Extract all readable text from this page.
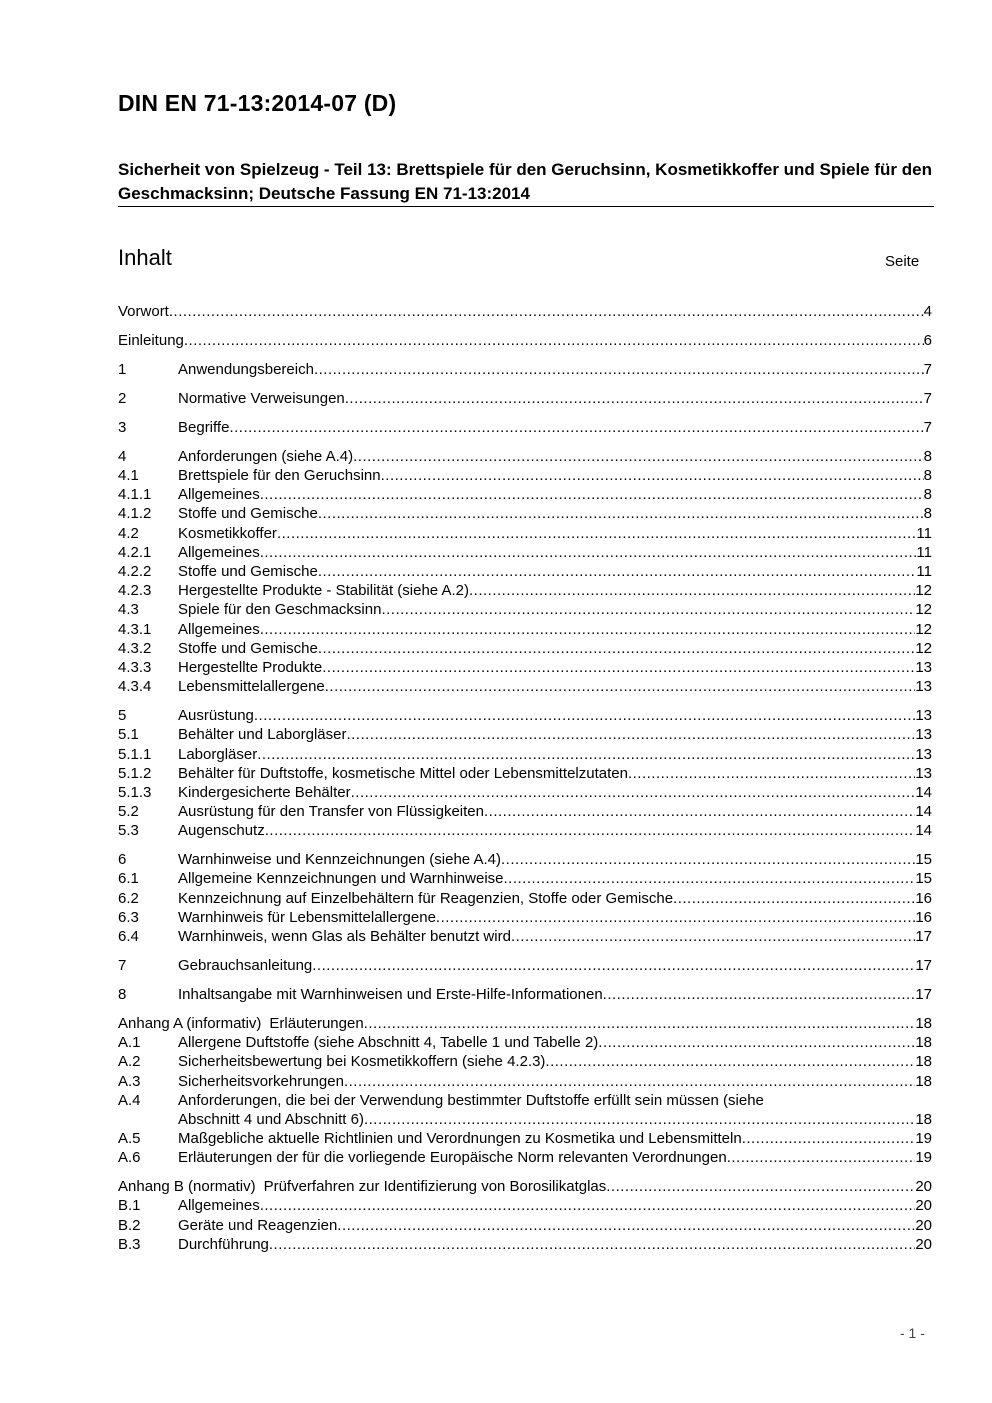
DIN EN 71-13:2014-07 (D)
Sicherheit von Spielzeug - Teil 13: Brettspiele für den Geruchsinn, Kosmetikkoffer und Spiele für den Geschmacksinn; Deutsche Fassung EN 71-13:2014
Inhalt	Seite
Vorwort .....	4
Einleitung .....	6
1	Anwendungsbereich .....	7
2	Normative Verweisungen .....	7
3	Begriffe .....	7
4	Anforderungen (siehe A.4) .....	8
4.1	Brettspiele für den Geruchsinn .....	8
4.1.1	Allgemeines .....	8
4.1.2	Stoffe und Gemische .....	8
4.2	Kosmetikkoffer .....	11
4.2.1	Allgemeines .....	11
4.2.2	Stoffe und Gemische .....	11
4.2.3	Hergestellte Produkte - Stabilität (siehe A.2) .....	12
4.3	Spiele für den Geschmacksinn .....	12
4.3.1	Allgemeines .....	12
4.3.2	Stoffe und Gemische .....	12
4.3.3	Hergestellte Produkte .....	13
4.3.4	Lebensmittelallergene .....	13
5	Ausrüstung .....	13
5.1	Behälter und Laborgläser .....	13
5.1.1	Laborgläser .....	13
5.1.2	Behälter für Duftstoffe, kosmetische Mittel oder Lebensmittelzutaten .....	13
5.1.3	Kindergesicherte Behälter .....	14
5.2	Ausrüstung für den Transfer von Flüssigkeiten .....	14
5.3	Augenschutz .....	14
6	Warnhinweise und Kennzeichnungen (siehe A.4) .....	15
6.1	Allgemeine Kennzeichnungen und Warnhinweise .....	15
6.2	Kennzeichnung auf Einzelbehältern für Reagenzien, Stoffe oder Gemische .....	16
6.3	Warnhinweis für Lebensmittelallergene .....	16
6.4	Warnhinweis, wenn Glas als Behälter benutzt wird .....	17
7	Gebrauchsanleitung .....	17
8	Inhaltsangabe mit Warnhinweisen und Erste-Hilfe-Informationen .....	17
Anhang A (informativ) Erläuterungen .....	18
A.1	Allergene Duftstoffe (siehe Abschnitt 4, Tabelle 1 und Tabelle 2) .....	18
A.2	Sicherheitsbewertung bei Kosmetikkoffern (siehe 4.2.3) .....	18
A.3	Sicherheitsvorkehrungen .....	18
A.4	Anforderungen, die bei der Verwendung bestimmter Duftstoffe erfüllt sein müssen (siehe
Abschnitt 4 und Abschnitt 6) .....	18
A.5	Maßgebliche aktuelle Richtlinien und Verordnungen zu Kosmetika und Lebensmitteln .....	19
A.6	Erläuterungen der für die vorliegende Europäische Norm relevanten Verordnungen .....	19
Anhang B (normativ) Prüfverfahren zur Identifizierung von Borosilikatglas .....	20
B.1	Allgemeines .....	20
B.2	Geräte und Reagenzien .....	20
B.3	Durchführung .....	20
- 1 -
